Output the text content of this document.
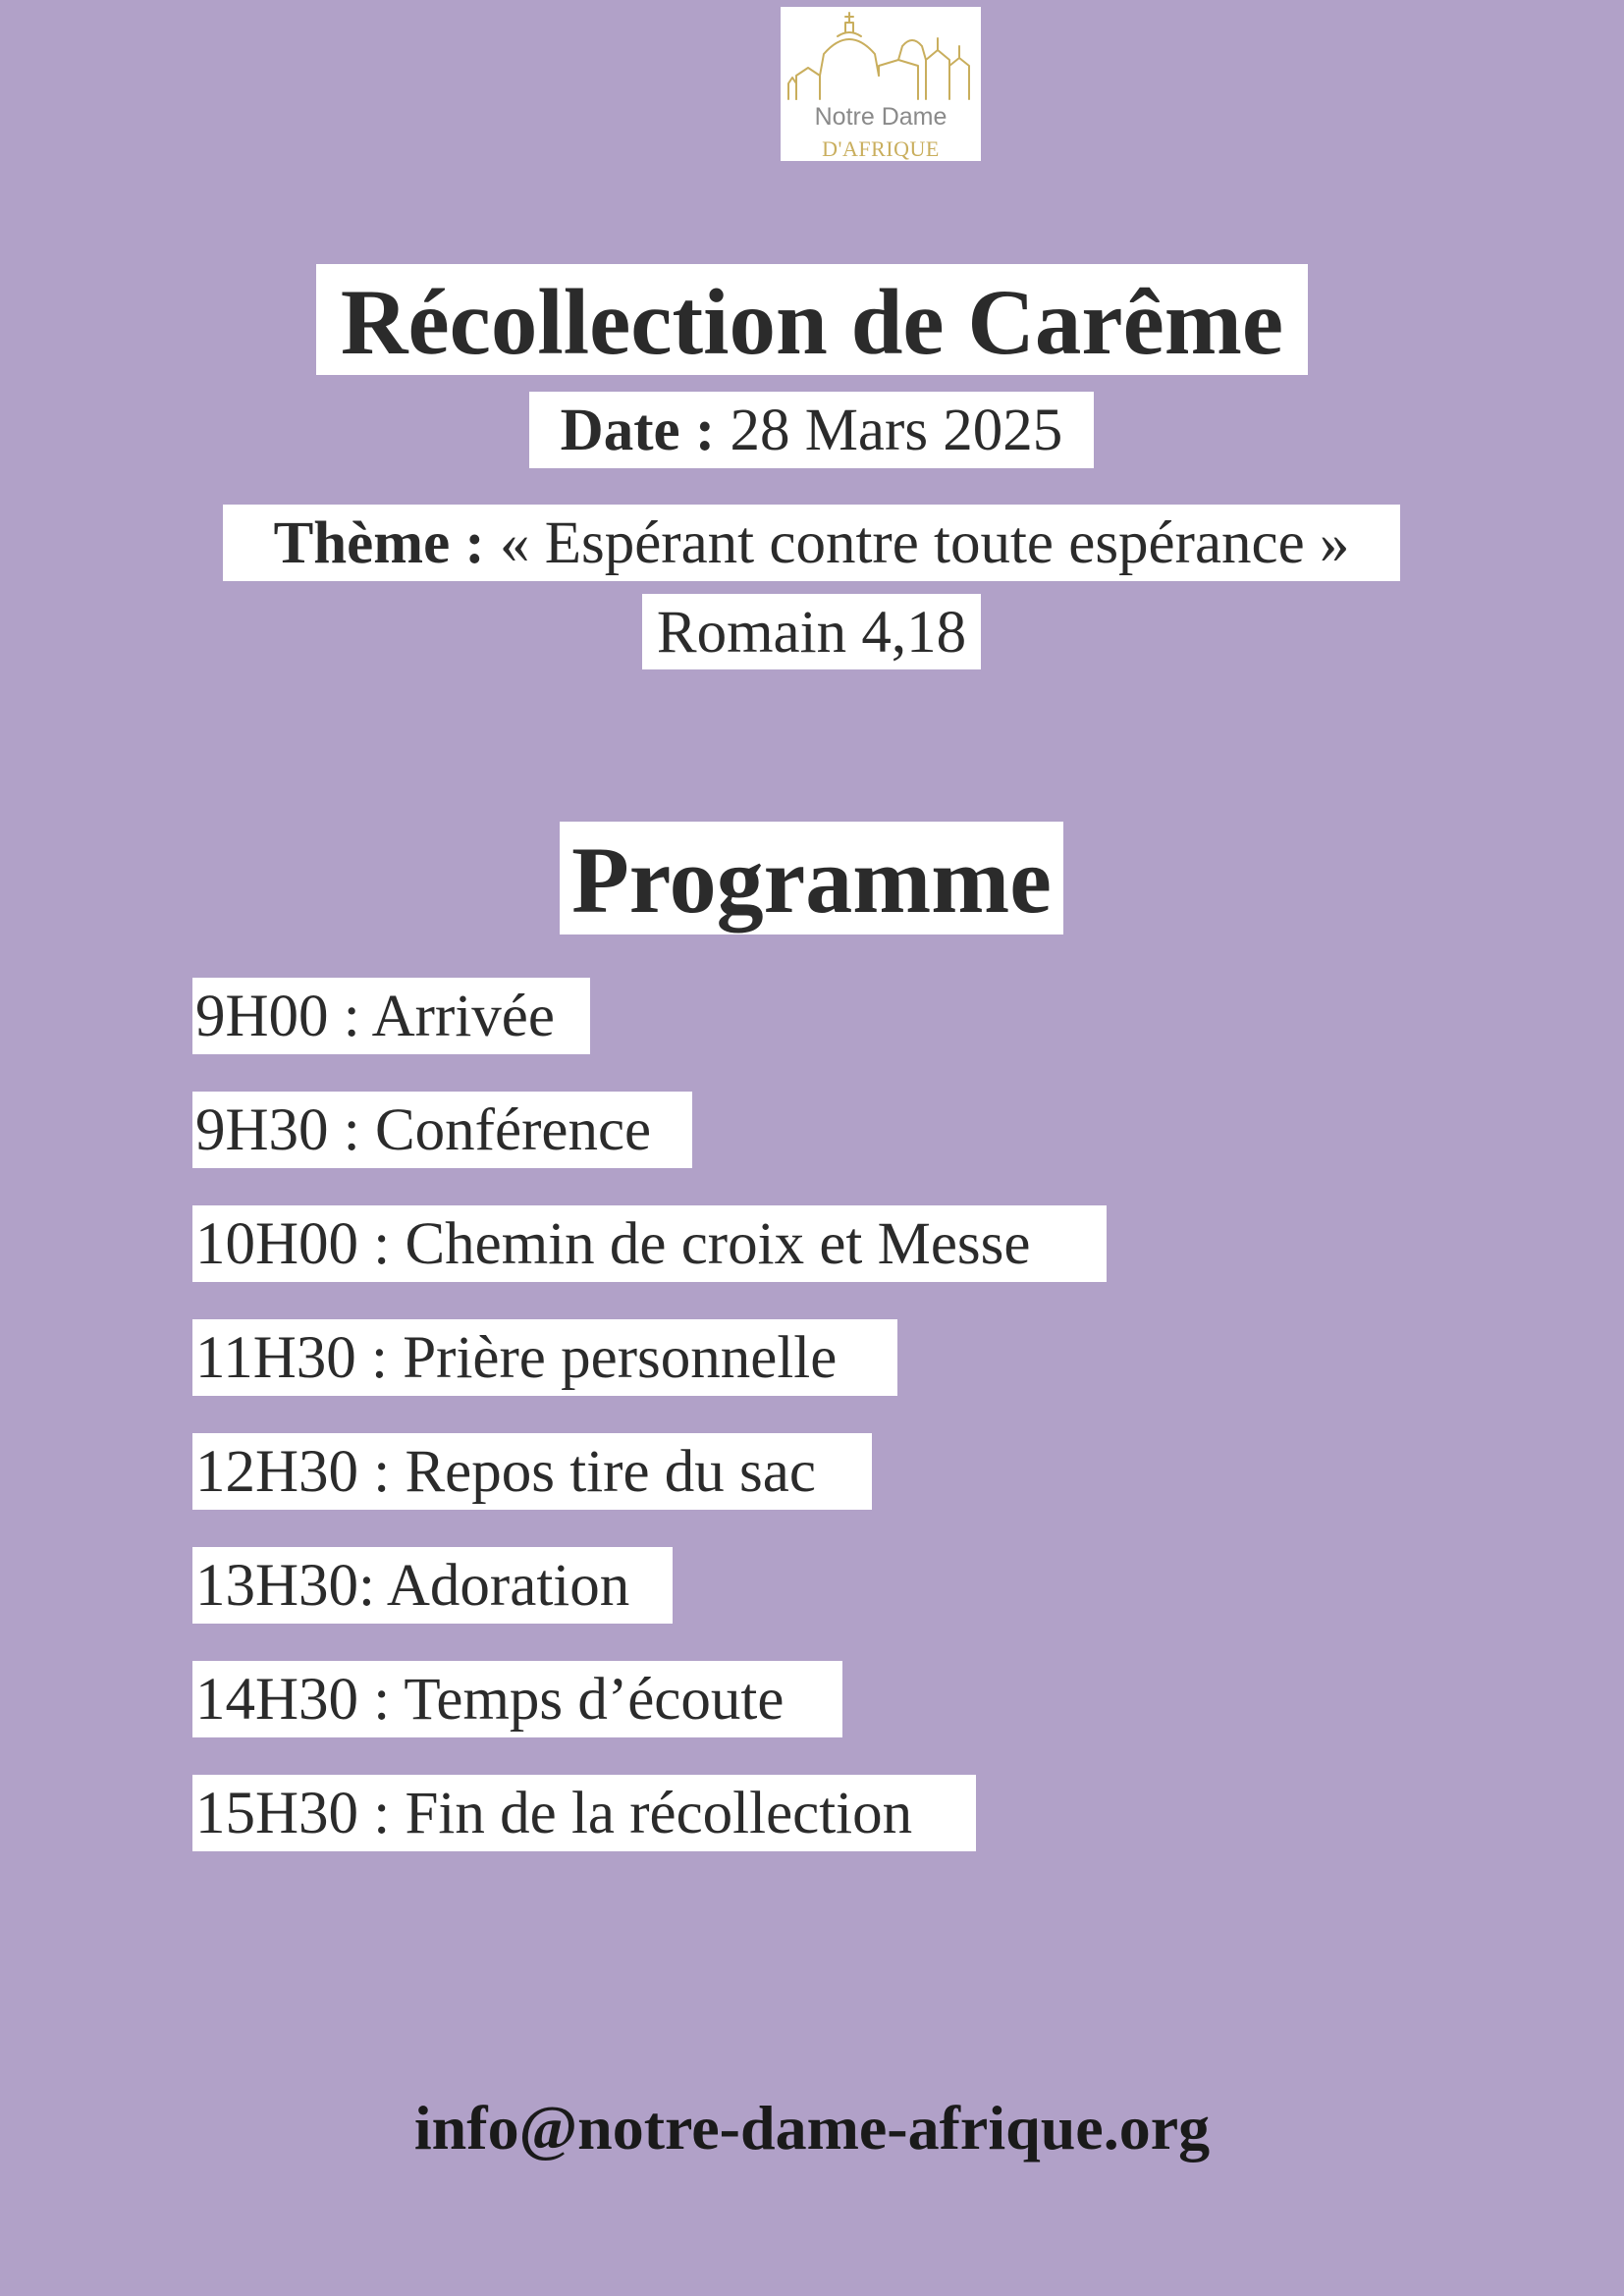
Notre Dame
D'AFRIQUE
Récollection de Carême
Date : 28 Mars 2025
Thème : « Espérant contre toute espérance »
Romain 4,18
Programme
9H00 : Arrivée
9H30 : Conférence
10H00 : Chemin de croix et Messe
11H30 : Prière personnelle
12H30 : Repos tire du sac
13H30: Adoration
14H30 : Temps d’écoute
15H30 : Fin de la récollection
info@notre-dame-afrique.org
